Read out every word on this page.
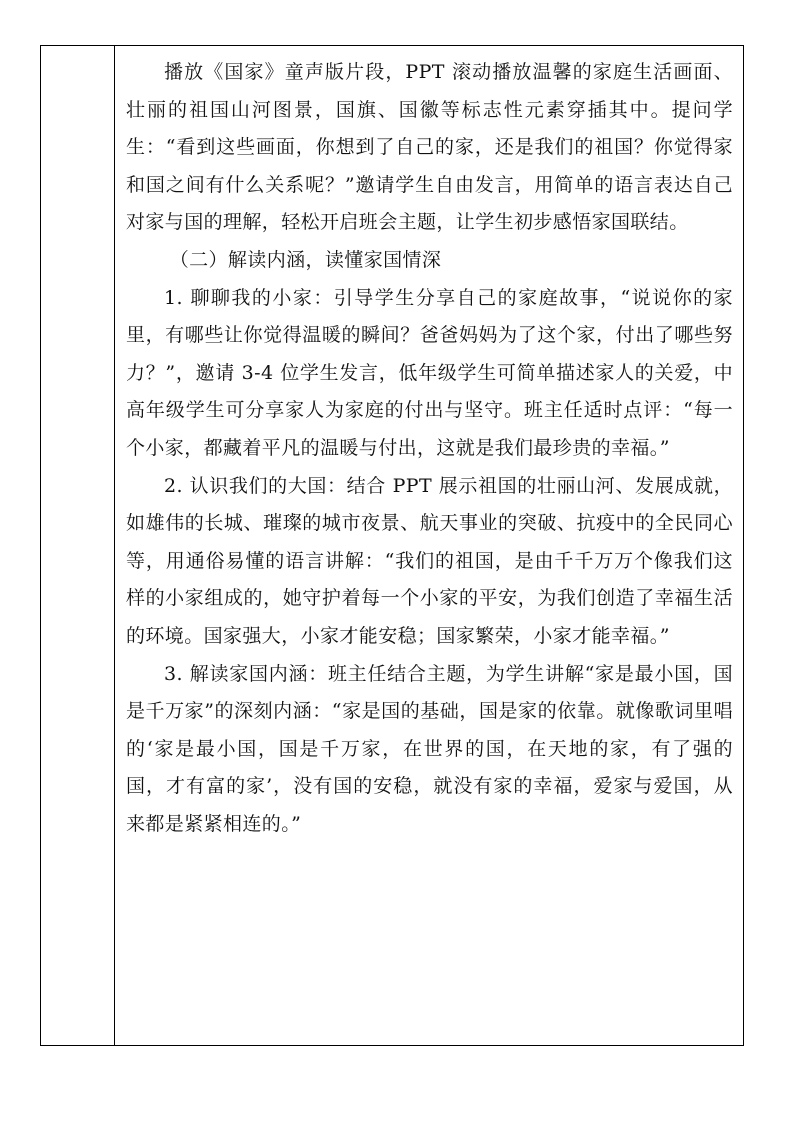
播放《国家》童声版片段，PPT 滚动播放温馨的家庭生活画面、壮丽的祖国山河图景，国旗、国徽等标志性元素穿插其中。提问学生：“看到这些画面，你想到了自己的家，还是我们的祖国？你觉得家和国之间有什么关系呢？”邀请学生自由发言，用简单的语言表达自己对家与国的理解，轻松开启班会主题，让学生初步感悟家国联结。

（二）解读内涵，读懂家国情深

1. 聊聊我的小家：引导学生分享自己的家庭故事，“说说你的家里，有哪些让你觉得温暖的瞬间？爸爸妈妈为了这个家，付出了哪些努力？”，邀请 3-4 位学生发言，低年级学生可简单描述家人的关爱，中高年级学生可分享家人为家庭的付出与坚守。班主任适时点评：“每一个小家，都藏着平凡的温暖与付出，这就是我们最珍贵的幸福。”

2. 认识我们的大国：结合 PPT 展示祖国的壮丽山河、发展成就，如雄伟的长城、璀璨的城市夜景、航天事业的突破、抗疫中的全民同心等，用通俗易懂的语言讲解：“我们的祖国，是由千千万万个像我们这样的小家组成的，她守护着每一个小家的平安，为我们创造了幸福生活的环境。国家强大，小家才能安稳；国家繁荣，小家才能幸福。”

3. 解读家国内涵：班主任结合主题，为学生讲解“家是最小国，国是千万家”的深刻内涵：“家是国的基础，国是家的依靠。就像歌词里唱的‘家是最小国，国是千万家，在世界的国，在天地的家，有了强的国，才有富的家’，没有国的安稳，就没有家的幸福，爱家与爱国，从来都是紧紧相连的。”
